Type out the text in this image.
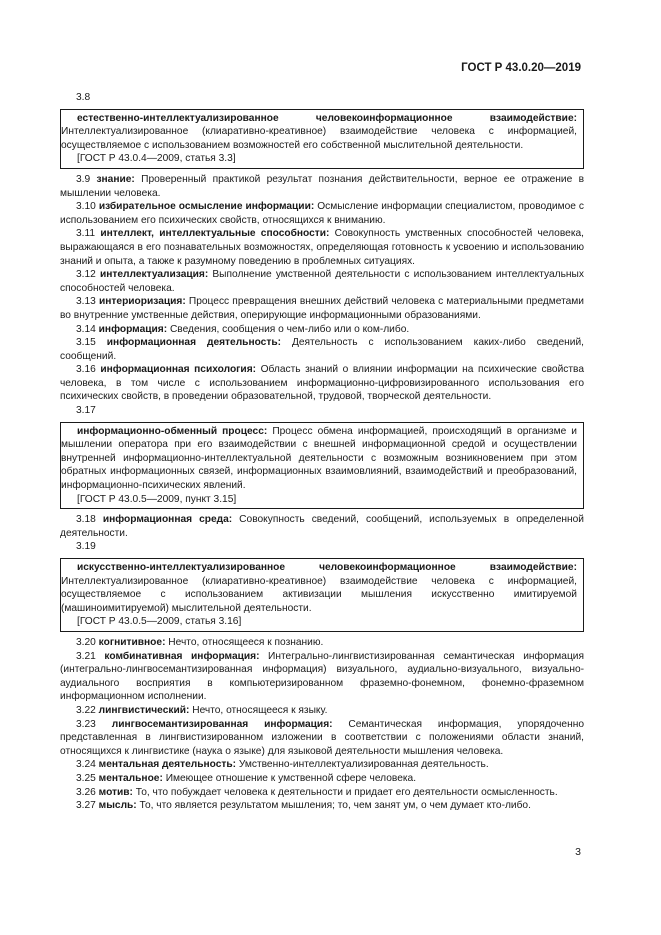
ГОСТ Р 43.0.20—2019
3.8

естественно-интеллектуализированное человекоинформационное взаимодействие: Интеллектуализированное (клиаративно-креативное) взаимодействие человека с информацией, осуществляемое с использованием возможностей его собственной мыслительной деятельности.

[ГОСТ Р 43.0.4—2009, статья 3.3]

3.9 знание: Проверенный практикой результат познания действительности, верное ее отражение в мышлении человека.

3.10 избирательное осмысление информации: Осмысление информации специалистом, проводимое с использованием его психических свойств, относящихся к вниманию.

3.11 интеллект, интеллектуальные способности: Совокупность умственных способностей человека, выражающаяся в его познавательных возможностях, определяющая готовность к усвоению и использованию знаний и опыта, а также к разумному поведению в проблемных ситуациях.

3.12 интеллектуализация: Выполнение умственной деятельности с использованием интеллектуальных способностей человека.

3.13 интериоризация: Процесс превращения внешних действий человека с материальными предметами во внутренние умственные действия, оперирующие информационными образованиями.

3.14 информация: Сведения, сообщения о чем-либо или о ком-либо.

3.15 информационная деятельность: Деятельность с использованием каких-либо сведений, сообщений.

3.16 информационная психология: Область знаний о влиянии информации на психические свойства человека, в том числе с использованием информационно-цифровизированного использования его психических свойств, в проведении образовательной, трудовой, творческой деятельности.

3.17

информационно-обменный процесс: Процесс обмена информацией, происходящий в организме и мышлении оператора при его взаимодействии с внешней информационной средой и осуществлении внутренней информационно-интеллектуальной деятельности с возможным возникновением при этом обратных информационных связей, информационных взаимовлияний, взаимодействий и преобразований, информационно-психических явлений.

[ГОСТ Р 43.0.5—2009, пункт 3.15]

3.18 информационная среда: Совокупность сведений, сообщений, используемых в определенной деятельности.

3.19

искусственно-интеллектуализированное человекоинформационное взаимодействие: Интеллектуализированное (клиаративно-креативное) взаимодействие человека с информацией, осуществляемое с использованием активизации мышления искусственно имитируемой (машиноимитируемой) мыслительной деятельности.

[ГОСТ Р 43.0.5—2009, статья 3.16]

3.20 когнитивное: Нечто, относящееся к познанию.

3.21 комбинативная информация: Интегрально-лингвистизированная семантическая информация (интегрально-лингвосемантизированная информация) визуального, аудиально-визуального, визуально-аудиального восприятия в компьютеризированном фраземно-фонемном, фонемно-фраземном информационном исполнении.

3.22 лингвистический: Нечто, относящееся к языку.

3.23 лингвосемантизированная информация: Семантическая информация, упорядоченно представленная в лингвистизированном изложении в соответствии с положениями области знаний, относящихся к лингвистике (наука о языке) для языковой деятельности мышления человека.

3.24 ментальная деятельность: Умственно-интеллектуализированная деятельность.

3.25 ментальное: Имеющее отношение к умственной сфере человека.

3.26 мотив: То, что побуждает человека к деятельности и придает его деятельности осмысленность.

3.27 мысль: То, что является результатом мышления; то, чем занят ум, о чем думает кто-либо.

3
